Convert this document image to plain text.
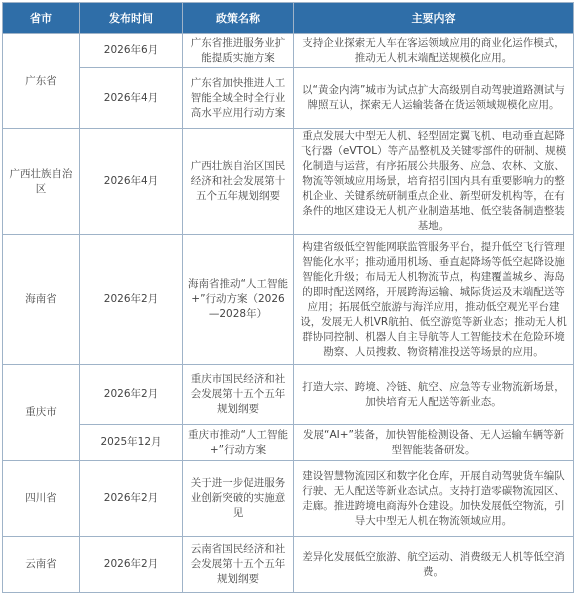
省市	发布时间	政策名称	主要内容
广东省	2026年6月	广东省推进服务业扩能提质实施方案	支持企业探索无人车在客运领域应用的商业化运作模式，推动无人机末端配送规模化应用。
	2026年4月	广东省加快推进人工智能全域全时全行业高水平应用行动方案	以“黄金内湾”城市为试点扩大高级别自动驾驶道路测试与牌照互认，探索无人运输装备在货运领域规模化应用。
广西壮族自治区	2026年4月	广西壮族自治区国民经济和社会发展第十五个五年规划纲要	重点发展大中型无人机、轻型固定翼飞机、电动垂直起降飞行器（eVTOL）等产品整机及关键零部件的研制、规模化制造与运营，有序拓展公共服务、应急、农林、文旅、物流等领域应用场景，培育招引国内具有重要影响力的整机企业、关键系统研制重点企业、新型研发机构等，在有条件的地区建设无人机产业制造基地、低空装备制造整装基地。
海南省	2026年2月	海南省推动“人工智能+”行动方案（2026—2028年）	构建省级低空智能网联监管服务平台，提升低空飞行管理智能化水平；推动通用机场、垂直起降场等低空起降设施智能化升级；布局无人机物流节点，构建覆盖城乡、海岛的即时配送网络，开展跨海运输、城际货运及末端配送等应用；拓展低空旅游与海洋应用，推动低空观光平台建设，发展无人机VR航拍、低空游览等新业态；推动无人机群协同控制、机器人自主导航等人工智能技术在危险环境勘察、人员搜救、物资精准投送等场景的应用。
重庆市	2026年2月	重庆市国民经济和社会发展第十五个五年规划纲要	打造大宗、跨境、冷链、航空、应急等专业物流新场景，加快培育无人配送等新业态。
	2025年12月	重庆市推动“人工智能+”行动方案	发展“AI+”装备，加快智能检测设备、无人运输车辆等新型智能装备研发。
四川省	2026年2月	关于进一步促进服务业创新突破的实施意见	建设智慧物流园区和数字化仓库，开展自动驾驶货车编队行驶、无人配送等新业态试点。支持打造零碳物流园区、走廊。推进跨境电商海外仓建设。加快发展低空物流，引导大中型无人机在物流领域应用。
云南省	2026年2月	云南省国民经济和社会发展第十五个五年规划纲要	差异化发展低空旅游、航空运动、消费级无人机等低空消费。
